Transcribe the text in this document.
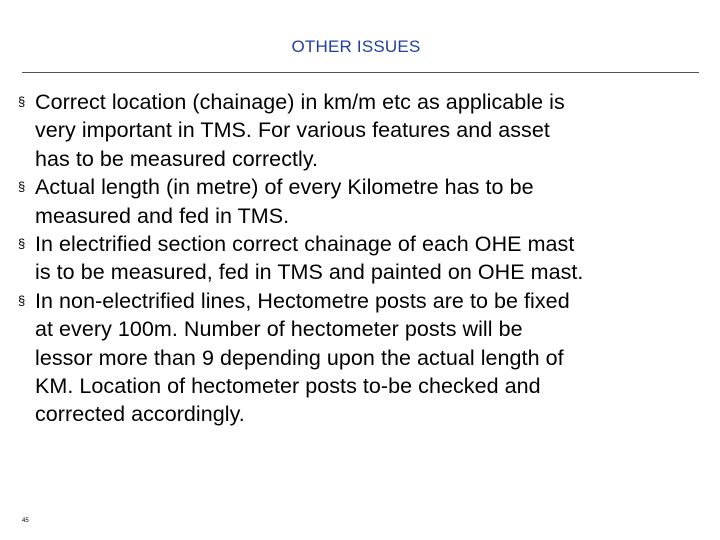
OTHER ISSUES
§ Correct location (chainage) in km/m etc as applicable is
very important in TMS. For various features and asset
has to be measured correctly.
§ Actual length (in metre) of every Kilometre has to be
measured and fed in TMS.
§ In electrified section correct chainage of each OHE mast
is to be measured, fed in TMS and painted on OHE mast.
§ In non-electrified lines, Hectometre posts are to be fixed
at every 100m. Number of hectometer posts will be
lessor more than 9 depending upon the actual length of
KM. Location of hectometer posts to-be checked and
corrected accordingly.
45
